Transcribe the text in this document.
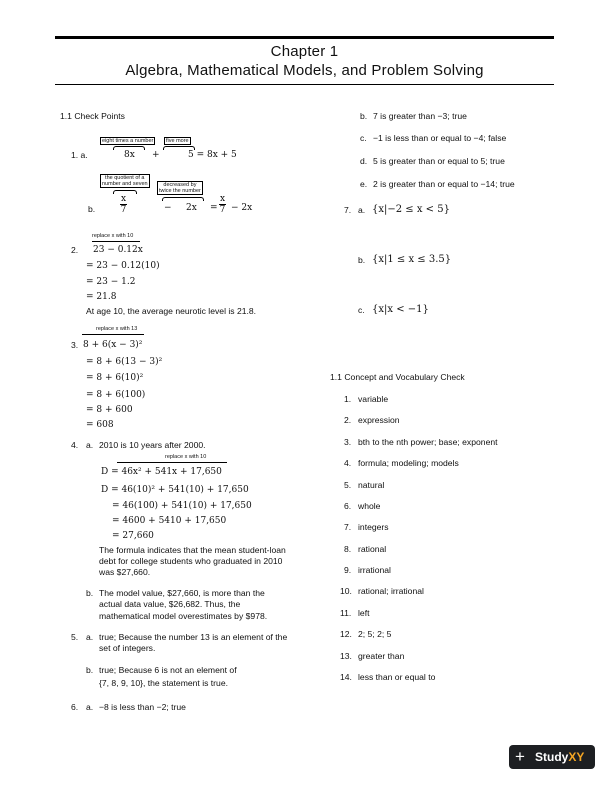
Chapter 1
Algebra, Mathematical Models, and Problem Solving
1.1 Check Points
eight times a number	five more
1. a.	8x +	5 = 8x + 5
the quotient of a
number and seven	decreased by
twice the number
b.	$\frac{x}{7}$	− $2x = \frac{x}{7} - 2x$
replace x with 10
2. 23 − 0.12x
= 23 − 0.12(10)
= 23 − 1.2
= 21.8
At age 10, the average neurotic level is 21.8.
replace x with 13
3. 8 + 6(x − 3)²
= 8 + 6(13 − 3)²
= 8 + 6(10)²
= 8 + 6(100)
= 8 + 600
= 608
4. a. 2010 is 10 years after 2000.
replace x with 10
D = 46x² + 541x + 17,650
D = 46(10)² + 541(10) + 17,650
= 46(100) + 541(10) + 17,650
= 4600 + 5410 + 17,650
= 27,660
The formula indicates that the mean student-loan
debt for college students who graduated in 2010
was $27,660.
b. The model value, $27,660, is more than the
actual data value, $26,682. Thus, the
mathematical model overestimates by $978.
5. a. true; Because the number 13 is an element of the
set of integers.
b. true; Because 6 is not an element of
{7, 8, 9, 10}, the statement is true.
6. a. −8 is less than −2; true
b. 7 is greater than −3; true
c. −1 is less than or equal to −4; false
d. 5 is greater than or equal to 5; true
e. 2 is greater than or equal to −14; true
7. a. {x|−2 ≤ x < 5}
b. {x|1 ≤ x ≤ 3.5}
c. {x|x < −1}
1.1 Concept and Vocabulary Check
1. variable
2. expression
3. bth to the nth power; base; exponent
4. formula; modeling; models
5. natural
6. whole
7. integers
8. rational
9. irrational
10. rational; irrational
11. left
12. 2; 5; 2; 5
13. greater than
14. less than or equal to
+ StudyXY
